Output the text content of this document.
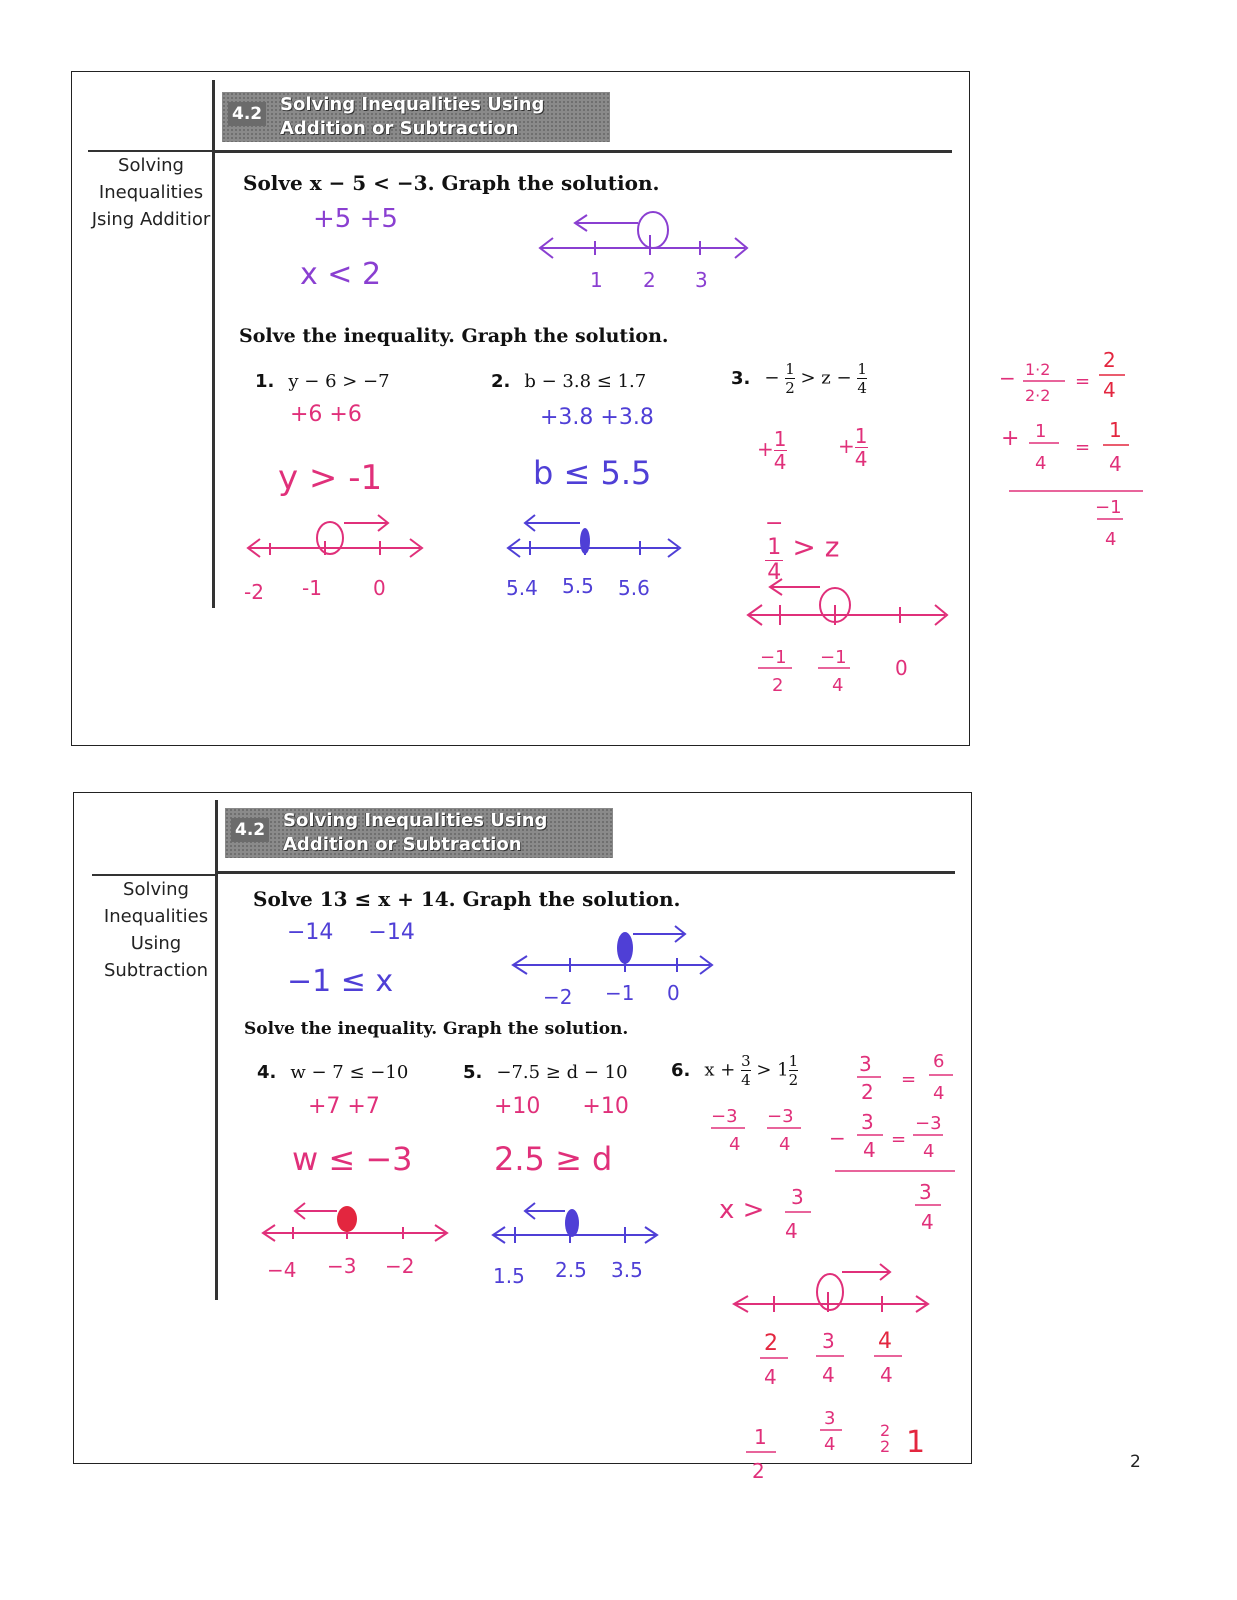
4.2 Solving Inequalities Using
Addition or Subtraction
Solving
Inequalities
Jsing Additior
Solve x − 5 < −3. Graph the solution.
+5 +5
x < 2	1 2 3
Solve the inequality. Graph the solution.
1. y − 6 > −7
+6 +6
y > -1
-2 -1	0
2. b − 3.8 ≤ 1.7
+3.8 +3.8
b ≤ 5.5
5.4 5.5 5.6
3. − $\frac{1}{2} > z - \frac{1}{4}$
+ $\frac{1}{4}$	+ $\frac{1}{4}$
−
1
4 > z
−1
2
−1
4
0
− 1·2
2·2
=
2
4
+ 1
4
=
1
4
−1
4
4.2 Solving Inequalities Using
Addition or Subtraction
Solving
Inequalities
Using
Subtraction
Solve 13 ≤ x + 14. Graph the solution.
−14     −14
−1 ≤ x	−2 −1 0
Solve the inequality. Graph the solution.
4. w − 7 ≤ −10
+7 +7
w ≤ −3
−4 −3 −2
5. −7.5 ≥ d − 10
+10      +10
2.5 ≥ d
1.5 2.5 3.5
6. $x + \frac{3}{4} > 1 \frac{1}{2}$
−3
4
−3
4
x > 3
4
3
2
=
6
4
−
3
4 =
−3
4
3
4
2
4
3
4
4
4
1
2
3
4
2
2 1
2
